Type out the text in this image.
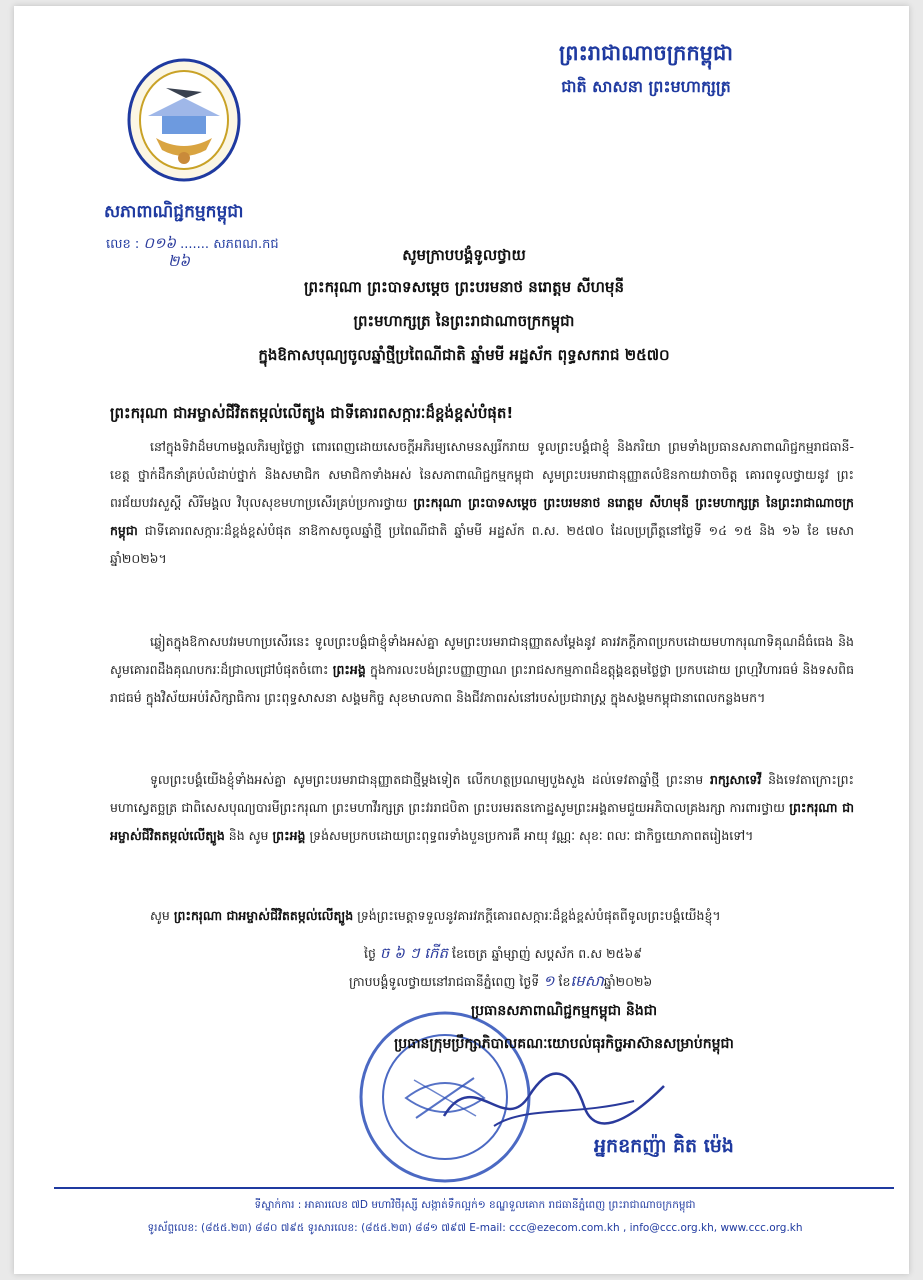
សភាពាណិជ្ជកម្មកម្ពុជា
លេខ : ០១៦ ....... សភពណ.កជ
២៦
ព្រះរាជាណាចក្រកម្ពុជា
ជាតិ សាសនា ព្រះមហាក្សត្រ
សូមក្រាបបង្គំទូលថ្វាយ
ព្រះករុណា ព្រះបាទសម្តេច ព្រះបរមនាថ នរោត្តម សីហមុនី
ព្រះមហាក្សត្រ នៃព្រះរាជាណាចក្រកម្ពុជា
ក្នុងឱកាសបុណ្យចូលឆ្នាំថ្មីប្រពៃណីជាតិ ឆ្នាំមមី អដ្ឋស័ក ពុទ្ធសករាជ ២៥៧០
ព្រះករុណា ជាអម្ចាស់ជីវិតតម្កល់លើត្បូង ជាទីគោរពសក្ការៈដ៏ខ្ពង់ខ្ពស់បំផុត!
នៅក្នុងទិវាដ៏មហាមង្គលភិរម្យថ្ងៃថ្លា ពោរពេញដោយសេចក្តីអភិរម្យសោមនស្សរីករាយ ទូលព្រះបង្គំជាខ្ញុំ និងភរិយា ព្រមទាំងប្រធានសភាពាណិជ្ជកម្មរាជធានី-ខេត្ត ថ្នាក់ដឹកនាំគ្រប់លំដាប់ថ្នាក់ និងសមាជិក សមាជិកាទាំងអស់ នៃសភាពាណិជ្ជកម្មកម្ពុជា សូមព្រះបរមរាជានុញ្ញាតលំឱនកាយវាចាចិត្ត គោរពទូលថ្វាយនូវ ព្រះពរជ័យបវរសួស្តី សិរីមង្គល វិបុលសុខមហាប្រសើរគ្រប់ប្រការថ្វាយ ព្រះករុណា ព្រះបាទសម្តេច ព្រះបរមនាថ នរោត្តម សីហមុនី ព្រះមហាក្សត្រ នៃព្រះរាជាណាចក្រកម្ពុជា ជាទីគោរពសក្ការៈដ៏ខ្ពង់ខ្ពស់បំផុត នាឱកាសចូលឆ្នាំថ្មី ប្រពៃណីជាតិ ឆ្នាំមមី អដ្ឋស័ក ព.ស. ២៥៧០ ដែលប្រព្រឹត្តនៅថ្ងៃទី ១៤ ១៥ និង ១៦ ខែ មេសា ឆ្នាំ២០២៦។
ឆ្លៀតក្នុងឱកាសបវរមហាប្រសើរនេះ ទូលព្រះបង្គំជាខ្ញុំទាំងអស់គ្នា សូមព្រះបរមរាជានុញ្ញាតសម្តែងនូវ គារវភក្តីភាពប្រកបដោយមហាករុណាទិគុណដ៏ធំធេង និងសូមគោរពដឹងគុណបករៈដ៏ជ្រាលជ្រៅបំផុតចំពោះ ព្រះអង្គ ក្នុងការលះបង់ព្រះបញ្ញាញាណ ព្រះរាជសកម្មភាពដ៏ឧត្តុង្គឧត្តមថ្លៃថ្លា ប្រកបដោយ ព្រហ្មវិហារធម៌ និងទសពិធរាជធម៌ ក្នុងវិស័យអប់រំសិក្សាធិការ ព្រះពុទ្ធសាសនា សង្គមកិច្ច សុខមាលភាព និងជីវភាពរស់នៅរបស់ប្រជារាស្ត្រ ក្នុងសង្គមកម្ពុជានាពេលកន្លងមក។
ទូលព្រះបង្គំយើងខ្ញុំទាំងអស់គ្នា សូមព្រះបរមរាជានុញ្ញាតជាថ្មីម្តងទៀត លើកហត្ថប្រណម្យបួងសួង ដល់ទេវតាឆ្នាំថ្មី ព្រះនាម រាក្សសាទេវី និងទេវតាក្រោះព្រះមហាស្វេតច្ឆត្រ ជាពិសេសបុណ្យបារមីព្រះករុណា ព្រះមហាវីរក្សត្រ ព្រះវររាជបិតា ព្រះបរមរតនកោដ្ឋសូមព្រះអង្គតាមជួយអភិបាលគ្រងរក្សា ការពារថ្វាយ ព្រះករុណា ជាអម្ចាស់ជីវិតតម្កល់លើត្បូង និង សូម ព្រះអង្គ ទ្រង់សមប្រកបដោយព្រះពុទ្ធពរទាំងបួនប្រការគឺ អាយុ វណ្ណៈ សុខៈ ពលៈ ជាកិច្ចយោភាពតរៀងទៅ។
សូម ព្រះករុណា ជាអម្ចាស់ជីវិតតម្កល់លើត្បូង ទ្រង់ព្រះមេត្តាទទួលនូវគារវភក្តីគោរពសក្ការៈដ៏ខ្ពង់ខ្ពស់បំផុតពីទូលព្រះបង្គំយើងខ្ញុំ។
ថ្ងៃ ច ៦ ៗ កើត ខែចេត្រ ឆ្នាំម្សាញ់ សប្តស័ក ព.ស ២៥៦៩
ក្រាបបង្គំទូលថ្វាយនៅរាជធានីភ្នំពេញ ថ្ងៃទី ១ ខែមេសាឆ្នាំ២០២៦
ប្រធានសភាពាណិជ្ជកម្មកម្ពុជា និងជា
ប្រធានក្រុមប្រឹក្សាភិបាលគណៈយោបល់ធុរកិច្ចអាស៊ានសម្រាប់កម្ពុជា
អ្នកឧកញ៉ា គិត ម៉េង
ទីស្នាក់ការ : អាគារលេខ ៧D មហាវិថីរុស្សី សង្កាត់ទឹកល្អក់១ ខណ្ឌទួលគោក រាជធានីភ្នំពេញ ព្រះរាជាណាចក្រកម្ពុជា
ទូរស័ព្ទលេខ: (៨៥៥.២៣) ៨៨០ ៧៩៥ ទូរសារលេខ: (៨៥៥.២៣) ៨៨១ ៧៩៧ E-mail: ccc@ezecom.com.kh , info@ccc.org.kh, www.ccc.org.kh
